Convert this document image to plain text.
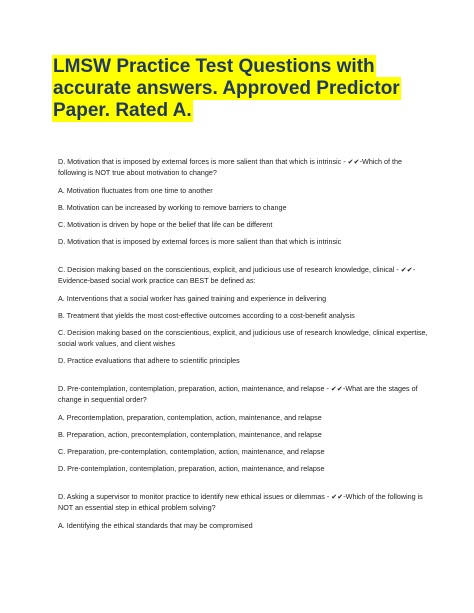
LMSW Practice Test Questions with accurate answers. Approved Predictor Paper. Rated A.

D. Motivation that is imposed by external forces is more salient than that which is intrinsic - ✔✔-Which of the following is NOT true about motivation to change?

A. Motivation fluctuates from one time to another

B. Motivation can be increased by working to remove barriers to change

C. Motivation is driven by hope or the belief that life can be different

D. Motivation that is imposed by external forces is more salient than that which is intrinsic

C. Decision making based on the conscientious, explicit, and judicious use of research knowledge, clinical - ✔✔-Evidence-based social work practice can BEST be defined as:

A. Interventions that a social worker has gained training and experience in delivering

B. Treatment that yields the most cost-effective outcomes according to a cost-benefit analysis

C. Decision making based on the conscientious, explicit, and judicious use of research knowledge, clinical expertise, social work values, and client wishes

D. Practice evaluations that adhere to scientific principles

D. Pre-contemplation, contemplation, preparation, action, maintenance, and relapse - ✔✔-What are the stages of change in sequential order?

A. Precontemplation, preparation, contemplation, action, maintenance, and relapse

B. Preparation, action, precontemplation, contemplation, maintenance, and relapse

C. Preparation, pre-contemplation, contemplation, action, maintenance, and relapse

D. Pre-contemplation, contemplation, preparation, action, maintenance, and relapse

D. Asking a supervisor to monitor practice to identify new ethical issues or dilemmas - ✔✔-Which of the following is NOT an essential step in ethical problem solving?

A. Identifying the ethical standards that may be compromised
